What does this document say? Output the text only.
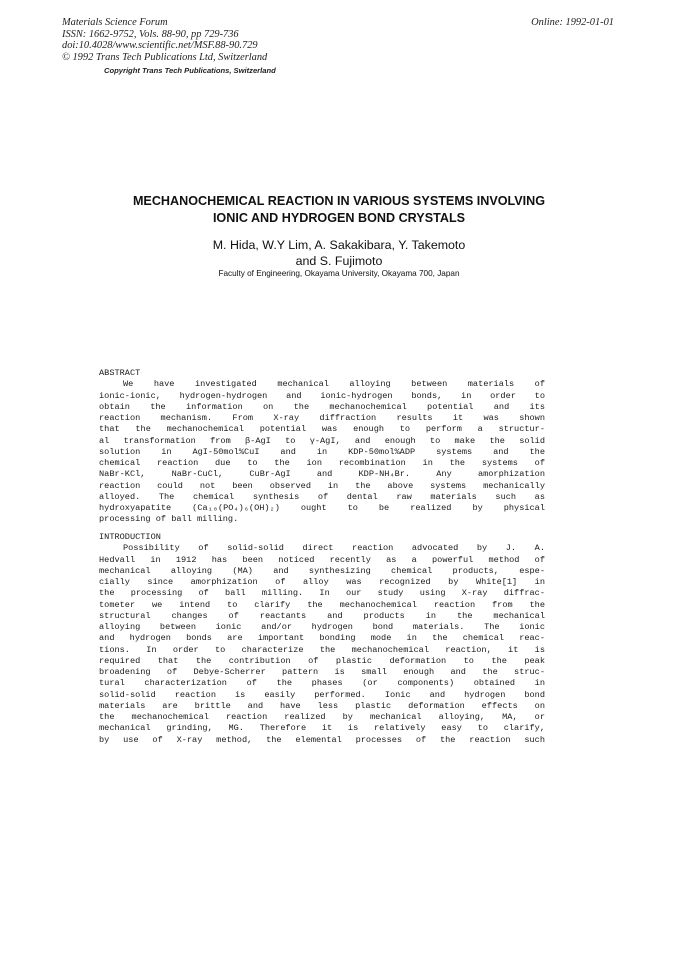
Materials Science Forum
ISSN: 1662-9752, Vols. 88-90, pp 729-736
doi:10.4028/www.scientific.net/MSF.88-90.729
© 1992 Trans Tech Publications Ltd, Switzerland
Online: 1992-01-01
Copyright Trans Tech Publications, Switzerland
MECHANOCHEMICAL REACTION IN VARIOUS SYSTEMS INVOLVING
IONIC AND HYDROGEN BOND CRYSTALS
M. Hida, W.Y Lim, A. Sakakibara, Y. Takemoto
and S. Fujimoto
Faculty of Engineering, Okayama University, Okayama 700, Japan
ABSTRACT
We have investigated mechanical alloying between materials of
ionic-ionic, hydrogen-hydrogen and ionic-hydrogen bonds, in order to
obtain the information on the mechanochemical potential and its
reaction mechanism. From X-ray diffraction results it was shown
that the mechanochemical potential was enough to perform a structur-
al transformation from β-AgI to γ-AgI, and enough to make the solid
solution in AgI-50mol%CuI and in KDP-50mol%ADP systems and the
chemical reaction due to the ion recombination in the systems of
NaBr-KCl, NaBr-CuCl, CuBr-AgI and KDP-NH₄Br. Any amorphization
reaction could not been observed in the above systems mechanically
alloyed. The chemical synthesis of dental raw materials such as
hydroxyapatite (Ca₁₀(PO₄)₆(OH)₂) ought to be realized by physical
processing of ball milling.
INTRODUCTION
Possibility of solid-solid direct reaction advocated by J. A.
Hedvall in 1912 has been noticed recently as a powerful method of
mechanical alloying (MA) and synthesizing chemical products, espe-
cially since amorphization of alloy was recognized by White[1] in
the processing of ball milling. In our study using X-ray diffrac-
tometer we intend to clarify the mechanochemical reaction from the
structural changes of reactants and products in the mechanical
alloying between ionic and/or hydrogen bond materials. The ionic
and hydrogen bonds are important bonding mode in the chemical reac-
tions. In order to characterize the mechanochemical reaction, it is
required that the contribution of plastic deformation to the peak
broadening of Debye-Scherrer pattern is small enough and the struc-
tural characterization of the phases (or components) obtained in
solid-solid reaction is easily performed. Ionic and hydrogen bond
materials are brittle and have less plastic deformation effects on
the mechanochemical reaction realized by mechanical alloying, MA, or
mechanical grinding, MG. Therefore it is relatively easy to clarify,
by use of X-ray method, the elemental processes of the reaction such
